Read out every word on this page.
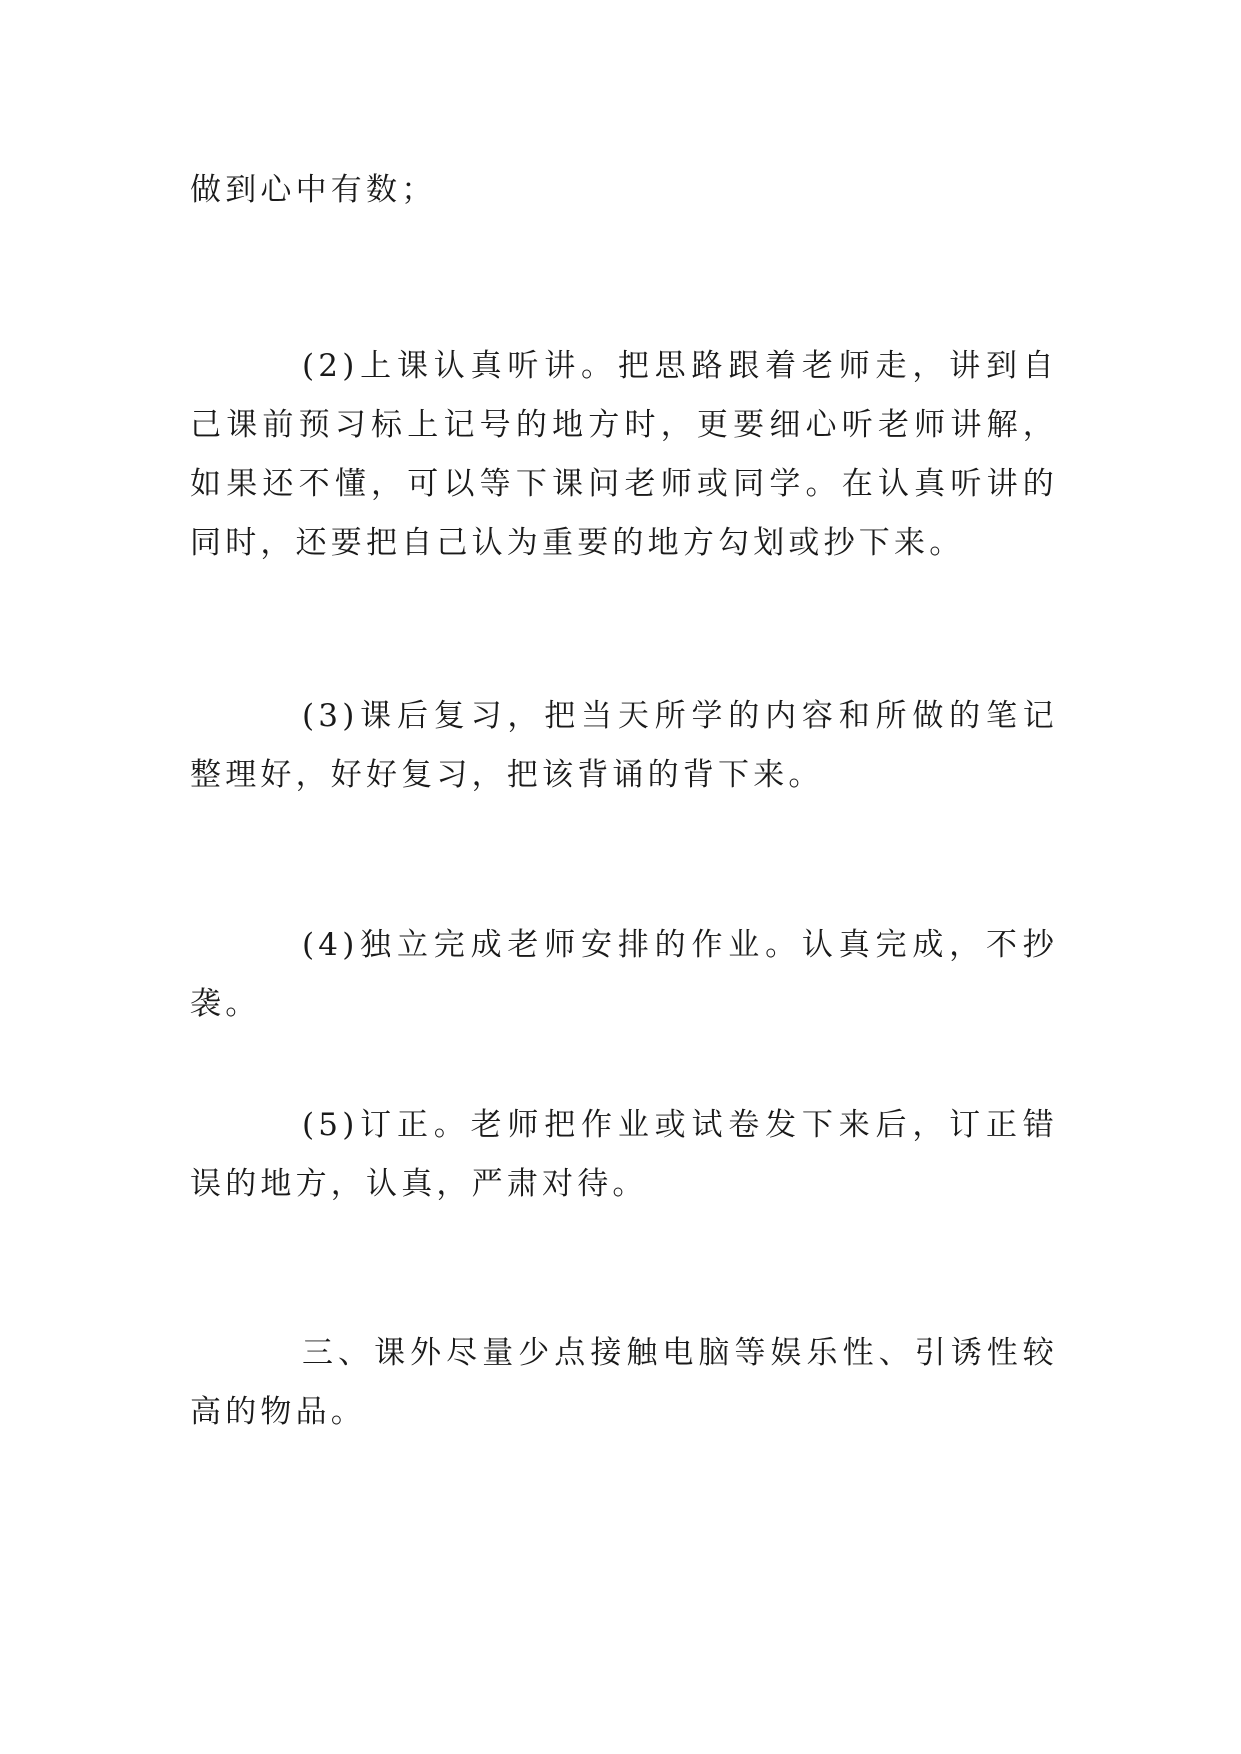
做到心中有数；

(2)上课认真听讲。把思路跟着老师走，讲到自己课前预习标上记号的地方时，更要细心听老师讲解，如果还不懂，可以等下课问老师或同学。在认真听讲的同时，还要把自己认为重要的地方勾划或抄下来。

(3)课后复习，把当天所学的内容和所做的笔记整理好，好好复习，把该背诵的背下来。

(4)独立完成老师安排的作业。认真完成，不抄袭。

(5)订正。老师把作业或试卷发下来后，订正错误的地方，认真，严肃对待。

三、课外尽量少点接触电脑等娱乐性、引诱性较高的物品。
